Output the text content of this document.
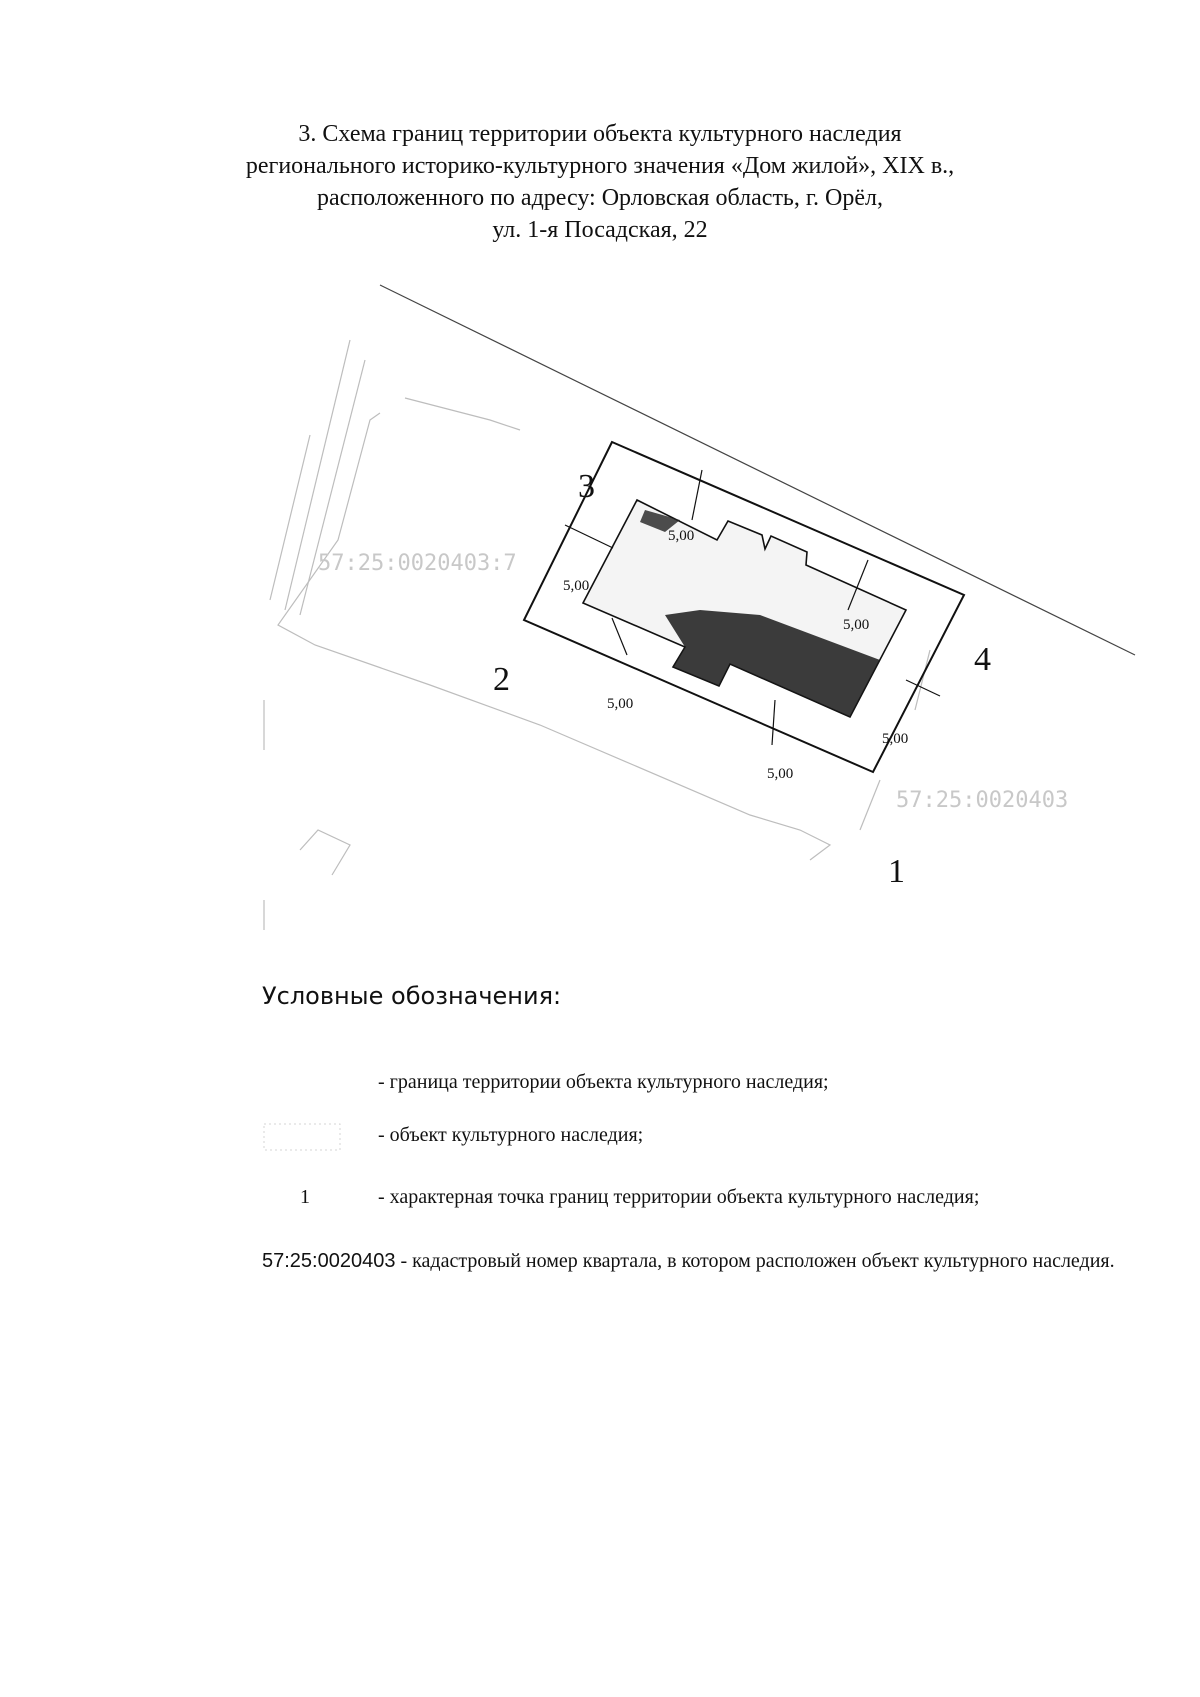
3. Схема границ территории объекта культурного наследия
регионального историко-культурного значения «Дом жилой», XIX в.,
расположенного по адресу: Орловская область, г. Орёл,
ул. 1-я Посадская, 22
5,00
5,00
5,00
5,00
5,00
5,00
1
2
3
4
57:25:0020403:7
57:25:0020403
Условные обозначения:
- граница территории объекта культурного наследия;
- объект культурного наследия;
1	- характерная точка границ территории объекта культурного наследия;
57:25:0020403 - кадастровый номер квартала, в котором расположен объект культурного наследия.
